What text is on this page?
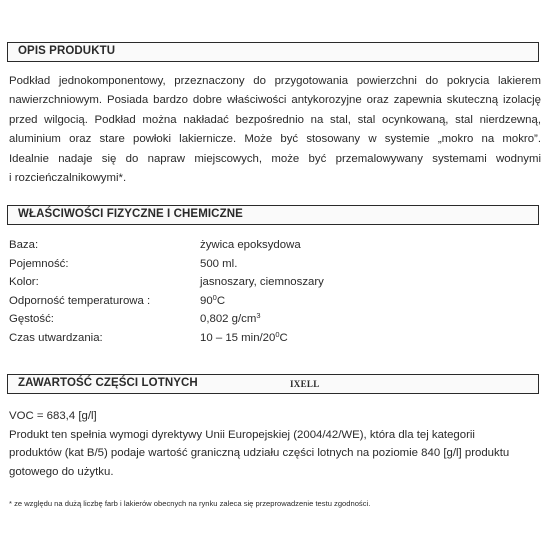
OPIS PRODUKTU
Podkład jednokomponentowy, przeznaczony do przygotowania powierzchni do pokrycia lakierem
nawierzchniowym. Posiada bardzo dobre właściwości antykorozyjne oraz zapewnia skuteczną izolację
przed wilgocią. Podkład można nakładać bezpośrednio na stal, stal ocynkowaną, stal nierdzewną,
aluminium oraz stare powłoki lakiernicze. Może być stosowany w systemie „mokro na mokro”.
Idealnie nadaje się do napraw miejscowych, może być przemalowywany systemami wodnymi
i rozcieńczalnikowymi*.
WŁAŚCIWOŚCI FIZYCZNE I CHEMICZNE
Baza:	żywica epoksydowa
Pojemność:	500 ml.
Kolor:	jasnoszary, ciemnoszary
Odporność temperaturowa :	$90^0C$
Gęstość:	0,802 $g/cm^3$
Czas utwardzania:	10 – 15 $\min/20^0C$
ZAWARTOŚĆ CZĘŚCI LOTNYCH	IXELL
VOC = 683,4 [g/l]
Produkt ten spełnia wymogi dyrektywy Unii Europejskiej (2004/42/WE), która dla tej kategorii
produktów (kat B/5) podaje wartość graniczną udziału części lotnych na poziomie 840 [g/l] produktu
gotowego do użytku.
* ze względu na dużą liczbę farb i lakierów obecnych na rynku zaleca się przeprowadzenie testu zgodności.
